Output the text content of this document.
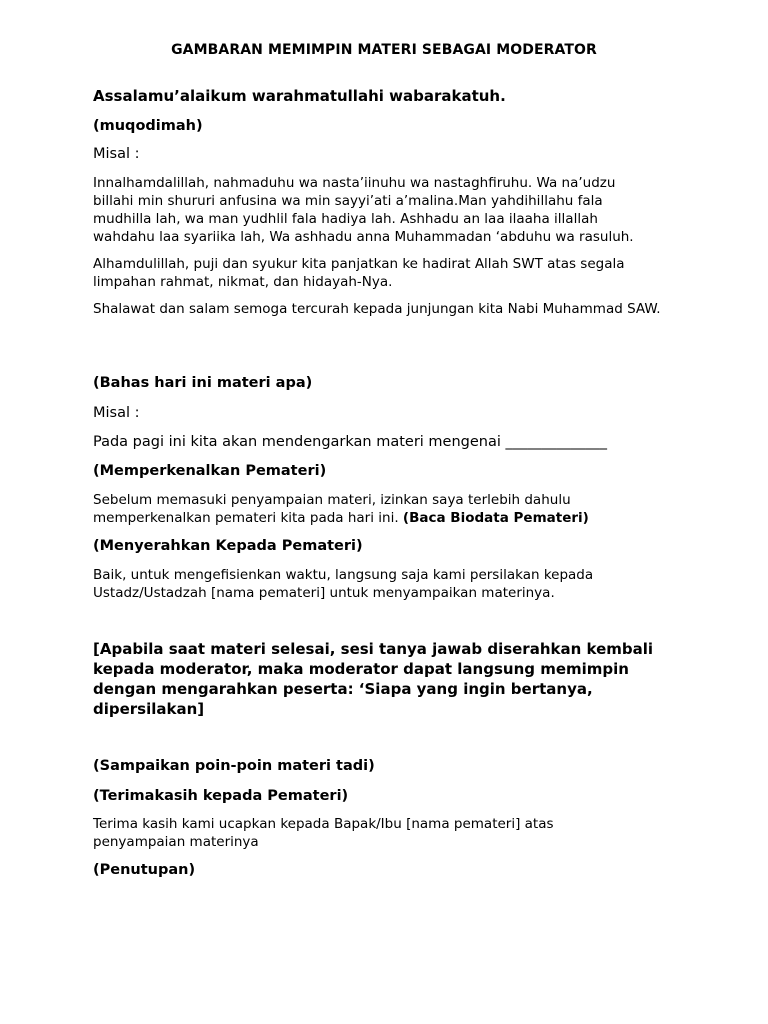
GAMBARAN MEMIMPIN MATERI SEBAGAI MODERATOR

Assalamu’alaikum warahmatullahi wabarakatuh.

(muqodimah)

Misal :

Innalhamdalillah, nahmaduhu wa nasta’iinuhu wa nastaghfiruhu. Wa na’udzu billahi min shururi anfusina wa min sayyi’ati a’malina.Man yahdihillahu fala mudhilla lah, wa man yudhlil fala hadiya lah. Ashhadu an laa ilaaha illallah wahdahu laa syariika lah, Wa ashhadu anna Muhammadan ‘abduhu wa rasuluh.

Alhamdulillah, puji dan syukur kita panjatkan ke hadirat Allah SWT atas segala limpahan rahmat, nikmat, dan hidayah-Nya.

Shalawat dan salam semoga tercurah kepada junjungan kita Nabi Muhammad SAW.

(Bahas hari ini materi apa)

Misal :

Pada pagi ini kita akan mendengarkan materi mengenai ______________

(Memperkenalkan Pemateri)

Sebelum memasuki penyampaian materi, izinkan saya terlebih dahulu memperkenalkan pemateri kita pada hari ini. (Baca Biodata Pemateri)

(Menyerahkan Kepada Pemateri)

Baik, untuk mengefisienkan waktu, langsung saja kami persilakan kepada Ustadz/Ustadzah [nama pemateri] untuk menyampaikan materinya.

[Apabila saat materi selesai, sesi tanya jawab diserahkan kembali kepada moderator, maka moderator dapat langsung memimpin dengan mengarahkan peserta: ‘Siapa yang ingin bertanya, dipersilakan]

(Sampaikan poin-poin materi tadi)

(Terimakasih kepada Pemateri)

Terima kasih kami ucapkan kepada Bapak/Ibu [nama pemateri] atas penyampaian materinya

(Penutupan)
